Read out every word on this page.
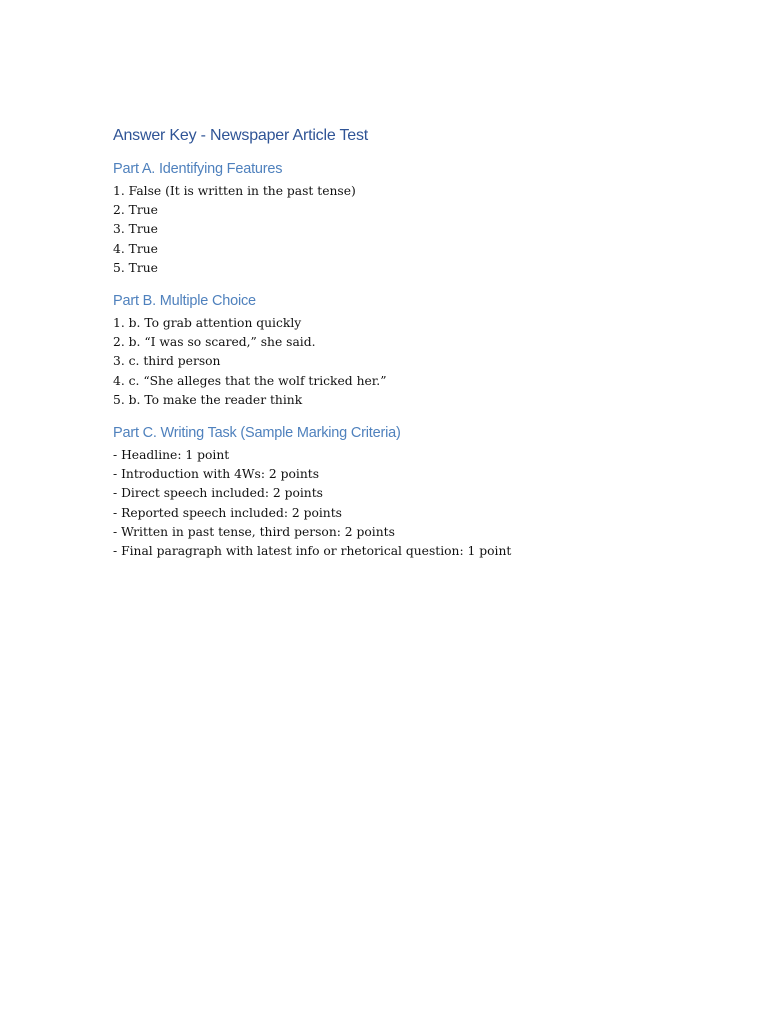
Answer Key - Newspaper Article Test
Part A. Identifying Features
1. False (It is written in the past tense)
2. True
3. True
4. True
5. True
Part B. Multiple Choice
1. b. To grab attention quickly
2. b. “I was so scared,” she said.
3. c. third person
4. c. “She alleges that the wolf tricked her.”
5. b. To make the reader think
Part C. Writing Task (Sample Marking Criteria)
- Headline: 1 point
- Introduction with 4Ws: 2 points
- Direct speech included: 2 points
- Reported speech included: 2 points
- Written in past tense, third person: 2 points
- Final paragraph with latest info or rhetorical question: 1 point
